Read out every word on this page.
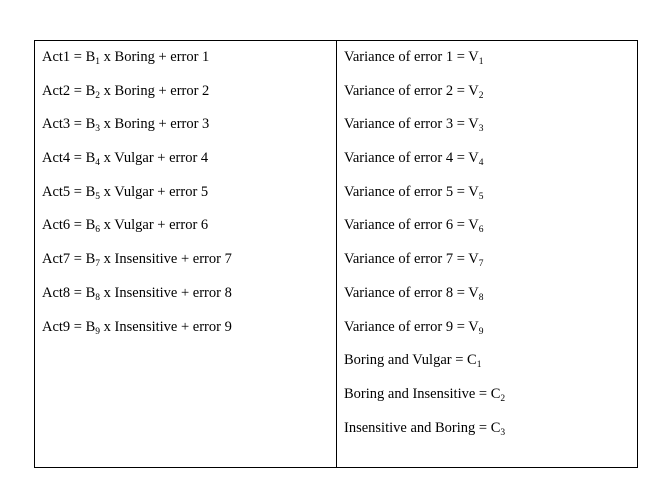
$Act1 = B_1$ x Boring + error 1
$Act2 = B_2$ x Boring + error 2
$Act3 = B_3$ x Boring + error 3
$Act4 = B_4$ x Vulgar + error 4
$Act5 = B_5$ x Vulgar + error 5
$Act6 = B_6$ x Vulgar + error 6
$Act7 = B_7$ x Insensitive + error 7
$Act8 = B_8$ x Insensitive + error 8
$Act9 = B_9$ x Insensitive + error 9
Variance of error $1 = V_1$
Variance of error $2 = V_2$
Variance of error $3 = V_3$
Variance of error $4 = V_4$
Variance of error $5 = V_5$
Variance of error $6 = V_6$
Variance of error $7 = V_7$
Variance of error $8 = V_8$
Variance of error $9 = V_9$
Boring and Vulgar = $C_1$
Boring and Insensitive = $C_2$
Insensitive and Boring = $C_3$
